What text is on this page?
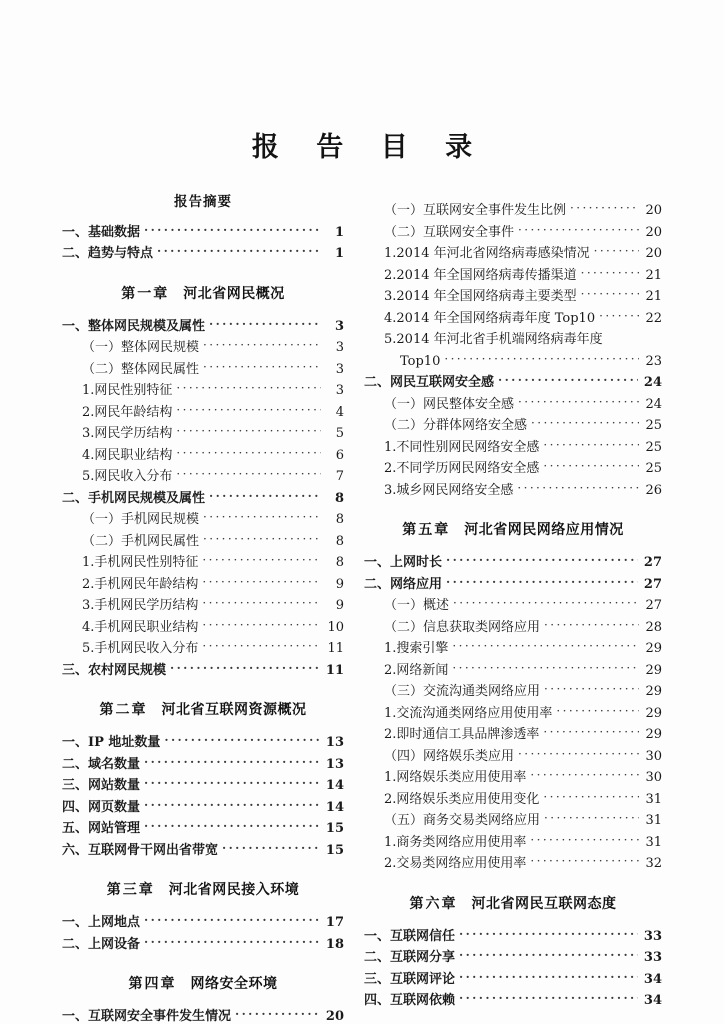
报 告 目 录
报告摘要
一、基础数据 ·····	1
二、趋势与特点 ·····	1
第一章 河北省网民概况
一、整体网民规模及属性 ·····	3
（一）整体网民规模 ·····	3
（二）整体网民属性 ·····	3
1.网民性别特征 ·····	3
2.网民年龄结构 ·····	4
3.网民学历结构 ·····	5
4.网民职业结构 ·····	6
5.网民收入分布 ·····	7
二、手机网民规模及属性 ·····	8
（一）手机网民规模 ·····	8
（二）手机网民属性 ·····	8
1.手机网民性别特征 ·····	8
2.手机网民年龄结构 ·····	9
3.手机网民学历结构 ·····	9
4.手机网民职业结构 ·····	10
5.手机网民收入分布 ·····	11
三、农村网民规模 ·····	11
第二章 河北省互联网资源概况
一、IP 地址数量 ·····	13
二、域名数量 ·····	13
三、网站数量 ·····	14
四、网页数量 ·····	14
五、网站管理 ·····	15
六、互联网骨干网出省带宽 ·····	15
第三章 河北省网民接入环境
一、上网地点 ·····	17
二、上网设备 ·····	18
第四章 网络安全环境
一、互联网安全事件发生情况 ·····	20
（一）互联网安全事件发生比例 ·····	20
（二）互联网安全事件 ·····	20
1.2014 年河北省网络病毒感染情况 ·····	20
2.2014 年全国网络病毒传播渠道 ·····	21
3.2014 年全国网络病毒主要类型 ·····	21
4.2014 年全国网络病毒年度 Top10 ·····	22
5.2014 年河北省手机端网络病毒年度
Top10 ·····	23
二、网民互联网安全感 ·····	24
（一）网民整体安全感 ·····	24
（二）分群体网络安全感 ·····	25
1.不同性别网民网络安全感 ·····	25
2.不同学历网民网络安全感 ·····	25
3.城乡网民网络安全感 ·····	26
第五章 河北省网民网络应用情况
一、上网时长 ·····	27
二、网络应用 ·····	27
（一）概述 ·····	27
（二）信息获取类网络应用 ·····	28
1.搜索引擎 ·····	29
2.网络新闻 ·····	29
（三）交流沟通类网络应用 ·····	29
1.交流沟通类网络应用使用率 ·····	29
2.即时通信工具品牌渗透率 ·····	29
（四）网络娱乐类应用 ·····	30
1.网络娱乐类应用使用率 ·····	30
2.网络娱乐类应用使用变化 ·····	31
（五）商务交易类网络应用 ·····	31
1.商务类网络应用使用率 ·····	31
2.交易类网络应用使用率 ·····	32
第六章 河北省网民互联网态度
一、互联网信任 ·····	33
二、互联网分享 ·····	33
三、互联网评论 ·····	34
四、互联网依赖 ·····	34
